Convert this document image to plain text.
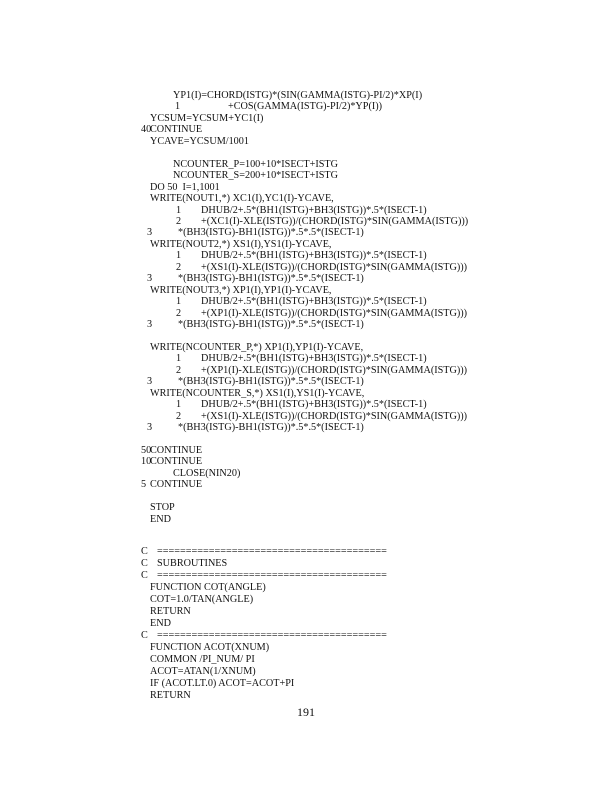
YP1(I)=CHORD(ISTG)*(SIN(GAMMA(ISTG)-PI/2)*XP(I)
1	+COS(GAMMA(ISTG)-PI/2)*YP(I))
YCSUM=YCSUM+YC1(I)
40
CONTINUE
YCAVE=YCSUM/1001
NCOUNTER_P=100+10*ISECT+ISTG
NCOUNTER_S=200+10*ISECT+ISTG
DO 50  I=1,1001
WRITE(NOUT1,*) XC1(I),YC1(I)-YCAVE,
1 DHUB/2+.5*(BH1(ISTG)+BH3(ISTG))*.5*(ISECT-1)
2 +(XC1(I)-XLE(ISTG))/(CHORD(ISTG)*SIN(GAMMA(ISTG)))
3	*(BH3(ISTG)-BH1(ISTG))*.5*.5*(ISECT-1)
WRITE(NOUT2,*) XS1(I),YS1(I)-YCAVE,
1 DHUB/2+.5*(BH1(ISTG)+BH3(ISTG))*.5*(ISECT-1)
2 +(XS1(I)-XLE(ISTG))/(CHORD(ISTG)*SIN(GAMMA(ISTG)))
3	*(BH3(ISTG)-BH1(ISTG))*.5*.5*(ISECT-1)
WRITE(NOUT3,*) XP1(I),YP1(I)-YCAVE,
1 DHUB/2+.5*(BH1(ISTG)+BH3(ISTG))*.5*(ISECT-1)
2 +(XP1(I)-XLE(ISTG))/(CHORD(ISTG)*SIN(GAMMA(ISTG)))
3	*(BH3(ISTG)-BH1(ISTG))*.5*.5*(ISECT-1)
WRITE(NCOUNTER_P,*) XP1(I),YP1(I)-YCAVE,
1 DHUB/2+.5*(BH1(ISTG)+BH3(ISTG))*.5*(ISECT-1)
2 +(XP1(I)-XLE(ISTG))/(CHORD(ISTG)*SIN(GAMMA(ISTG)))
3	*(BH3(ISTG)-BH1(ISTG))*.5*.5*(ISECT-1)
WRITE(NCOUNTER_S,*) XS1(I),YS1(I)-YCAVE,
1 DHUB/2+.5*(BH1(ISTG)+BH3(ISTG))*.5*(ISECT-1)
2 +(XS1(I)-XLE(ISTG))/(CHORD(ISTG)*SIN(GAMMA(ISTG)))
3	*(BH3(ISTG)-BH1(ISTG))*.5*.5*(ISECT-1)
50
CONTINUE
10
CONTINUE
CLOSE(NIN20)
5 CONTINUE
STOP
END
C ========================================
C SUBROUTINES
C ========================================
FUNCTION COT(ANGLE)
COT=1.0/TAN(ANGLE)
RETURN
END
C ========================================
FUNCTION ACOT(XNUM)
COMMON /PI_NUM/ PI
ACOT=ATAN(1/XNUM)
IF (ACOT.LT.0) ACOT=ACOT+PI
RETURN
191
